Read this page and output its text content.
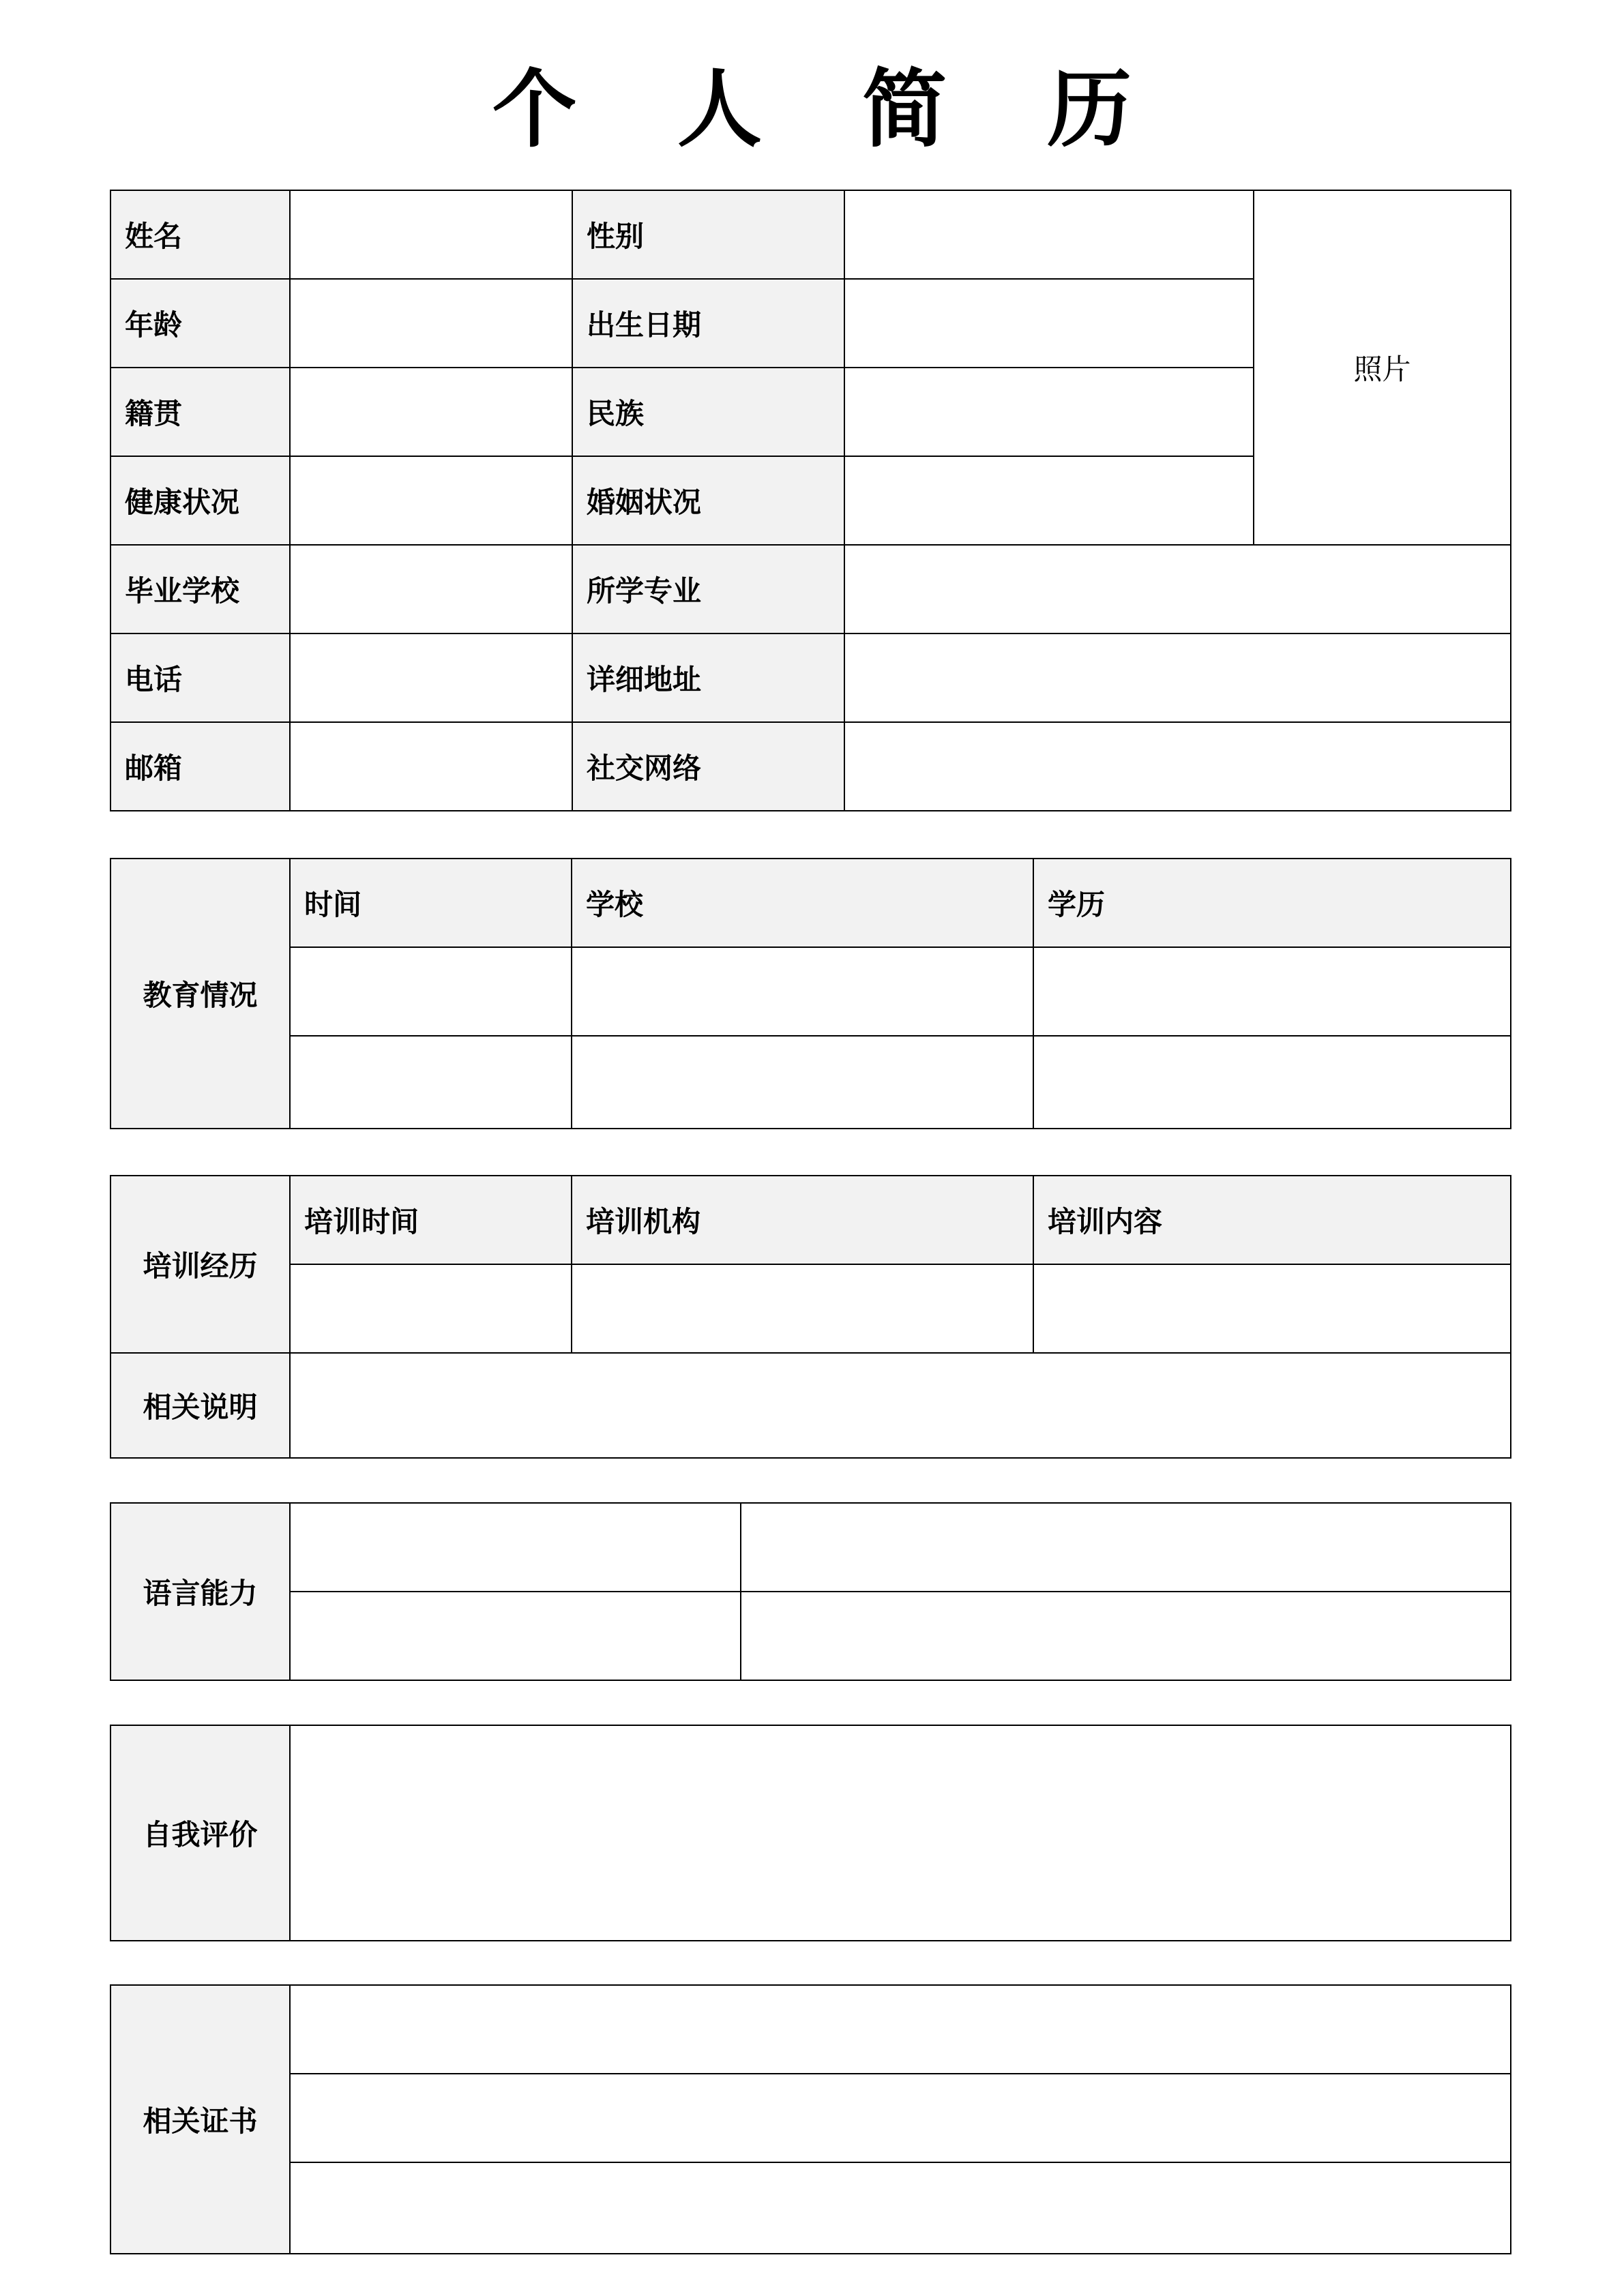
个 人 简 历
姓名		性别		照片
年龄		出生日期		
籍贯		民族		
健康状况		婚姻状况		
毕业学校		所学专业		
电话		详细地址		
邮箱		社交网络		
教育情况	时间	学校	学历

培训经历	培训时间	培训机构	培训内容

相关说明			
语言能力		

自我评价	
相关证书	
